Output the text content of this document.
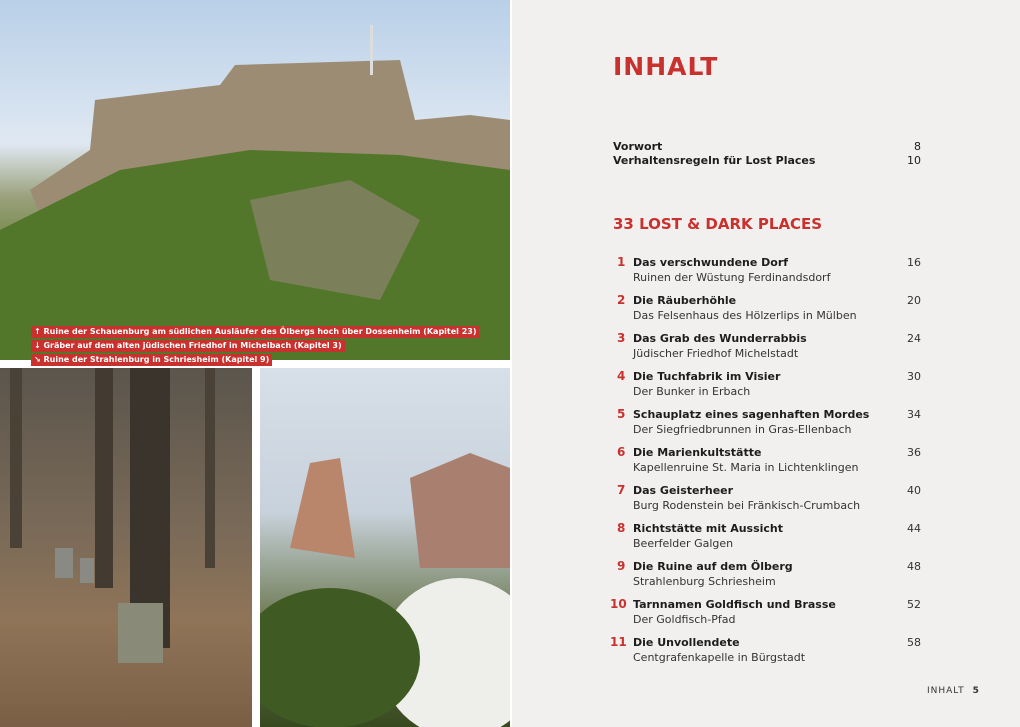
↑ Ruine der Schauenburg am südlichen Ausläufer des Ölbergs hoch über Dossenheim (Kapitel 23)
↓ Gräber auf dem alten jüdischen Friedhof in Michelbach (Kapitel 3)
↘ Ruine der Strahlenburg in Schriesheim (Kapitel 9)
INHALT
Vorwort	8
Verhaltensregeln für Lost Places	10
33 LOST & DARK PLACES
1 Das verschwundene Dorf
Ruinen der Wüstung Ferdinandsdorf
16
2 Die Räuberhöhle
Das Felsenhaus des Hölzerlips in Mülben
20
3 Das Grab des Wunderrabbis
Jüdischer Friedhof Michelstadt
24
4 Die Tuchfabrik im Visier
Der Bunker in Erbach
30
5 Schauplatz eines sagenhaften Mordes
Der Siegfriedbrunnen in Gras-Ellenbach
34
6 Die Marienkultstätte
Kapellenruine St. Maria in Lichtenklingen
36
7 Das Geisterheer
Burg Rodenstein bei Fränkisch-Crumbach
40
8 Richtstätte mit Aussicht
Beerfelder Galgen
44
9 Die Ruine auf dem Ölberg
Strahlenburg Schriesheim
48
10 Tarnnamen Goldfisch und Brasse
Der Goldfisch-Pfad
52
11 Die Unvollendete
Centgrafenkapelle in Bürgstadt
58
INHALT 5
